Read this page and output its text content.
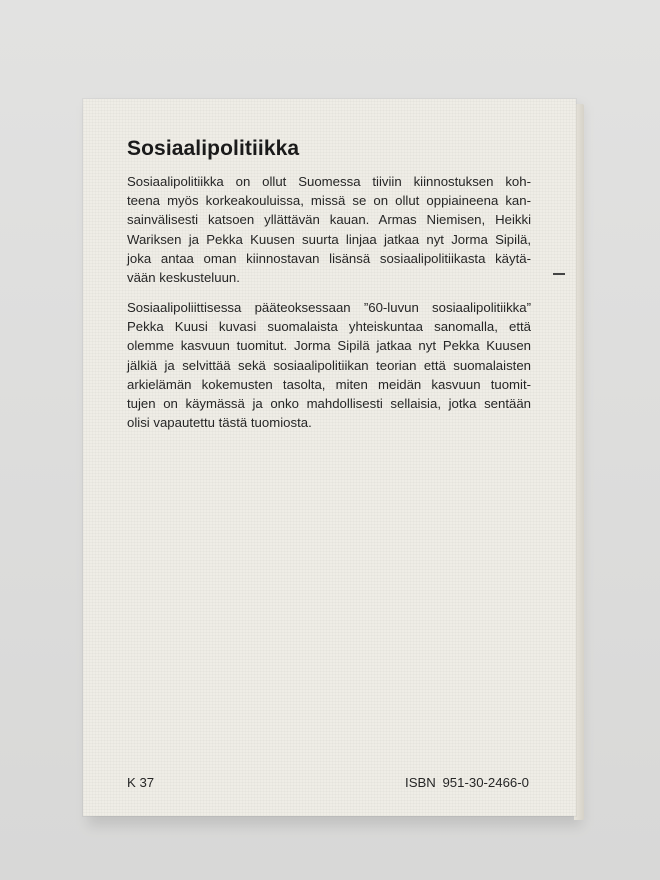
Sosiaalipolitiikka
Sosiaalipolitiikka on ollut Suomessa tiiviin kiinnostuksen koh-
teena myös korkeakouluissa, missä se on ollut oppiaineena kan-
sainvälisesti katsoen yllättävän kauan. Armas Niemisen, Heikki
Wariksen ja Pekka Kuusen suurta linjaa jatkaa nyt Jorma Sipilä,
joka antaa oman kiinnostavan lisänsä sosiaalipolitiikasta käytä-
vään keskusteluun.
Sosiaalipoliittisessa pääteoksessaan ”60-luvun sosiaalipolitiikka”
Pekka Kuusi kuvasi suomalaista yhteiskuntaa sanomalla, että
olemme kasvuun tuomitut. Jorma Sipilä jatkaa nyt Pekka Kuusen
jälkiä ja selvittää sekä sosiaalipolitiikan teorian että suomalaisten
arkielämän kokemusten tasolta, miten meidän kasvuun tuomit-
tujen on käymässä ja onko mahdollisesti sellaisia, jotka sentään
olisi vapautettu tästä tuomiosta.
K 37	ISBN 951-30-2466-0
